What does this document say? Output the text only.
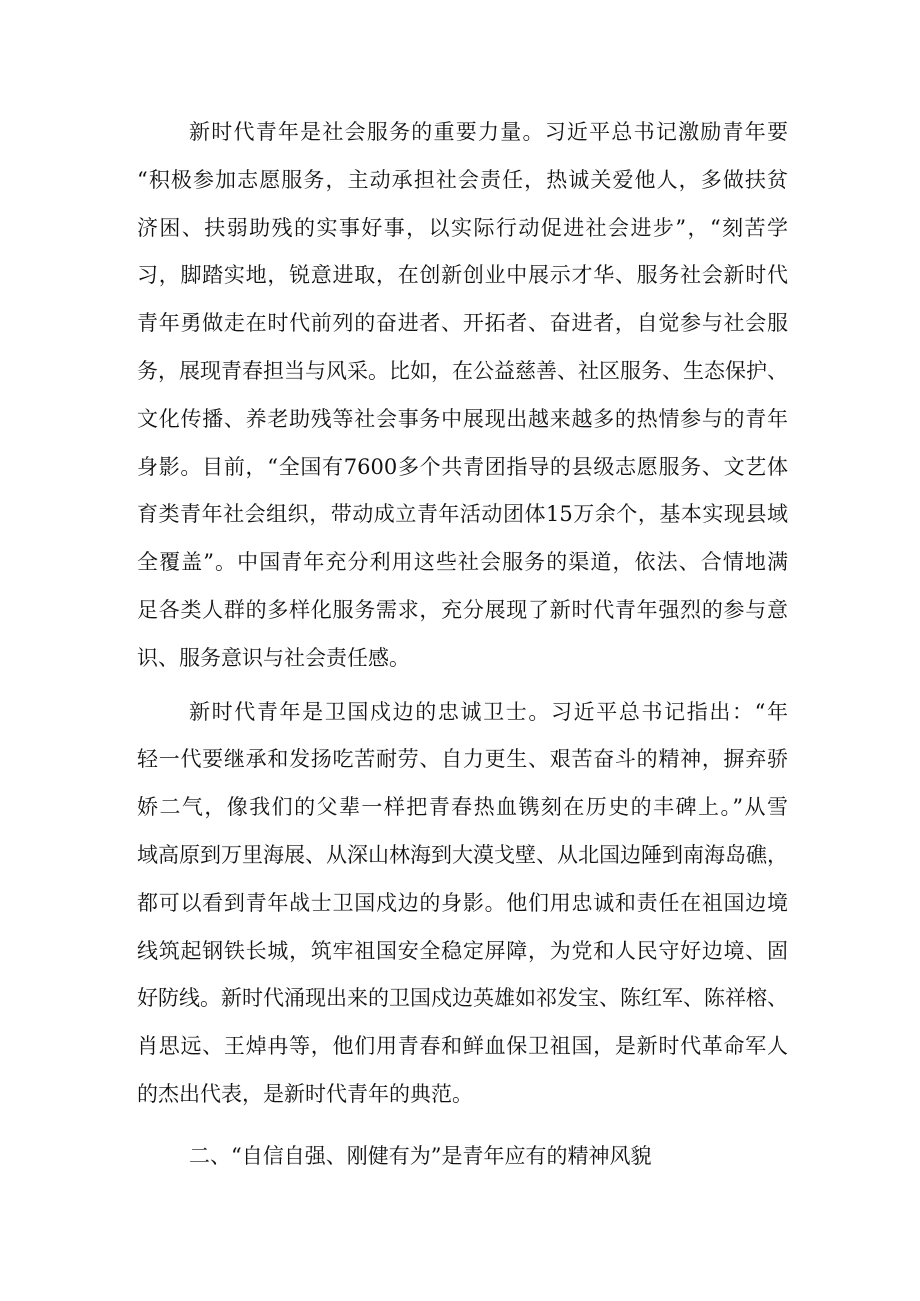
新时代青年是社会服务的重要力量。习近平总书记激励青年要
“积极参加志愿服务，主动承担社会责任，热诚关爱他人，多做扶贫
济困、扶弱助残的实事好事，以实际行动促进社会进步”，“刻苦学
习，脚踏实地，锐意进取，在创新创业中展示才华、服务社会新时代
青年勇做走在时代前列的奋进者、开拓者、奋进者，自觉参与社会服
务，展现青春担当与风采。比如，在公益慈善、社区服务、生态保护、
文化传播、养老助残等社会事务中展现出越来越多的热情参与的青年
身影。目前，“全国有7600多个共青团指导的县级志愿服务、文艺体
育类青年社会组织，带动成立青年活动团体15万余个，基本实现县域
全覆盖”。中国青年充分利用这些社会服务的渠道，依法、合情地满
足各类人群的多样化服务需求，充分展现了新时代青年强烈的参与意
识、服务意识与社会责任感。
新时代青年是卫国戍边的忠诚卫士。习近平总书记指出：“年
轻一代要继承和发扬吃苦耐劳、自力更生、艰苦奋斗的精神，摒弃骄
娇二气，像我们的父辈一样把青春热血镌刻在历史的丰碑上。”从雪
域高原到万里海展、从深山林海到大漠戈壁、从北国边陲到南海岛礁，
都可以看到青年战士卫国戍边的身影。他们用忠诚和责任在祖国边境
线筑起钢铁长城，筑牢祖国安全稳定屏障，为党和人民守好边境、固
好防线。新时代涌现出来的卫国戍边英雄如祁发宝、陈红军、陈祥榕、
肖思远、王焯冉等，他们用青春和鲜血保卫祖国，是新时代革命军人
的杰出代表，是新时代青年的典范。
二、“自信自强、刚健有为”是青年应有的精神风貌
